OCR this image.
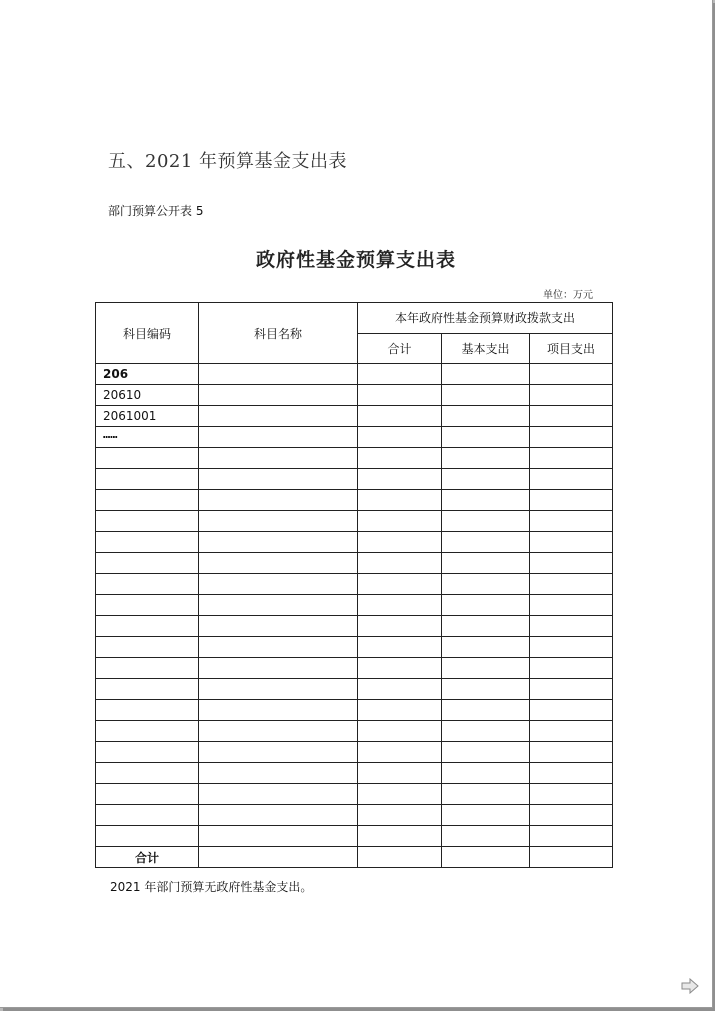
五、2021 年预算基金支出表
部门预算公开表 5
政府性基金预算支出表
单位：万元
科目编码	科目名称	本年政府性基金预算财政拨款支出		
		合计	基本支出	项目支出
206				
20610				
2061001				
┅┅				

合计				
2021 年部门预算无政府性基金支出。
